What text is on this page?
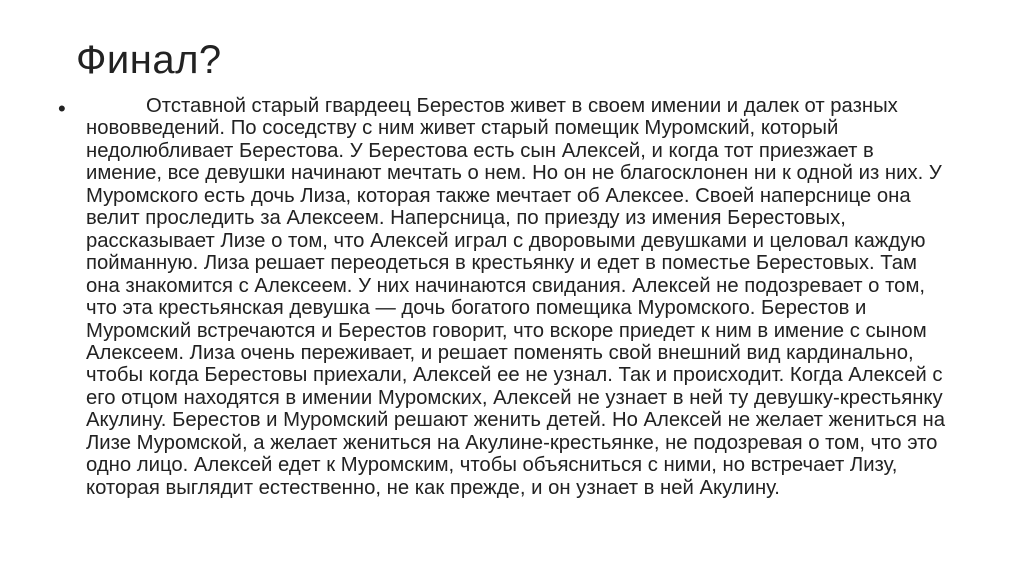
Финал?
•	Отставной старый гвардеец Берестов живет в своем имении и далек от разных нововведений. По соседству с ним живет старый помещик Муромский, который недолюбливает Берестова. У Берестова есть сын Алексей, и когда тот приезжает в имение, все девушки начинают мечтать о нем. Но он не благосклонен ни к одной из них. У Муромского есть дочь Лиза, которая также мечтает об Алексее. Своей наперснице она велит проследить за Алексеем. Наперсница, по приезду из имения Берестовых, рассказывает Лизе о том, что Алексей играл с дворовыми девушками и целовал каждую пойманную. Лиза решает переодеться в крестьянку и едет в поместье Берестовых. Там она знакомится с Алексеем. У них начинаются свидания. Алексей не подозревает о том, что эта крестьянская девушка — дочь богатого помещика Муромского. Берестов и Муромский встречаются и Берестов говорит, что вскоре приедет к ним в имение с сыном Алексеем. Лиза очень переживает, и решает поменять свой внешний вид кардинально, чтобы когда Берестовы приехали, Алексей ее не узнал. Так и происходит. Когда Алексей с его отцом находятся в имении Муромских, Алексей не узнает в ней ту девушку-крестьянку Акулину. Берестов и Муромский решают женить детей. Но Алексей не желает жениться на Лизе Муромской, а желает жениться на Акулине-крестьянке, не подозревая о том, что это одно лицо. Алексей едет к Муромским, чтобы объясниться с ними, но встречает Лизу, которая выглядит естественно, не как прежде, и он узнает в ней Акулину.
